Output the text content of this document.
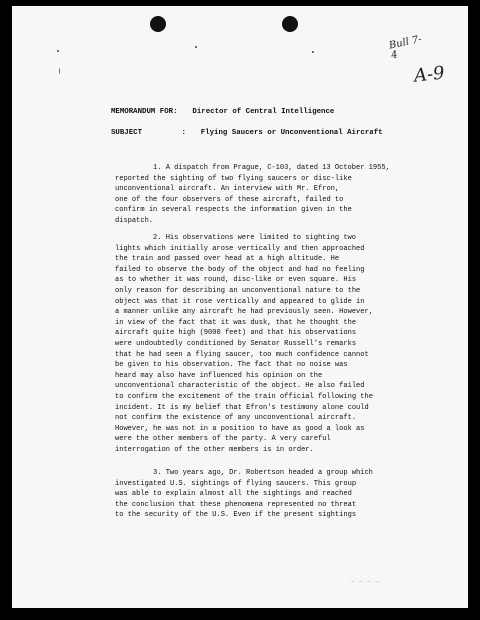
Bull 7-4
A-9
MEMORANDUM FOR: Director of Central Intelligence
SUBJECT	: Flying Saucers or Unconventional Aircraft

1. A dispatch from Prague, C-103, dated 13 October 1955,

reported the sighting of two flying saucers or disc-like

unconventional aircraft. An interview with Mr. Efron,

one of the four observers of these aircraft, failed to

confirm in several respects the information given in the

dispatch.

2. His observations were limited to sighting two

lights which initially arose vertically and then approached

the train and passed over head at a high altitude. He

failed to observe the body of the object and had no feeling

as to whether it was round, disc-like or even square. His

only reason for describing an unconventional nature to the

object was that it rose vertically and appeared to glide in

a manner unlike any aircraft he had previously seen. However,

in view of the fact that it was dusk, that he thought the

aircraft quite high (9000 feet) and that his observations

were undoubtedly conditioned by Senator Russell's remarks

that he had seen a flying saucer, too much confidence cannot

be given to his observation. The fact that no noise was

heard may also have influenced his opinion on the

unconventional characteristic of the object. He also failed

to confirm the excitement of the train official following the

incident. It is my belief that Efron's testimony alone could

not confirm the existence of any unconventional aircraft.

However, he was not in a position to have as good a look as

were the other members of the party. A very careful

interrogation of the other members is in order.

3. Two years ago, Dr. Robertson headed a group which

investigated U.S. sightings of flying saucers. This group

was able to explain almost all the sightings and reached

the conclusion that these phenomena represented no threat

to the security of the U.S. Even if the present sightings

~ ~ ~ ~
